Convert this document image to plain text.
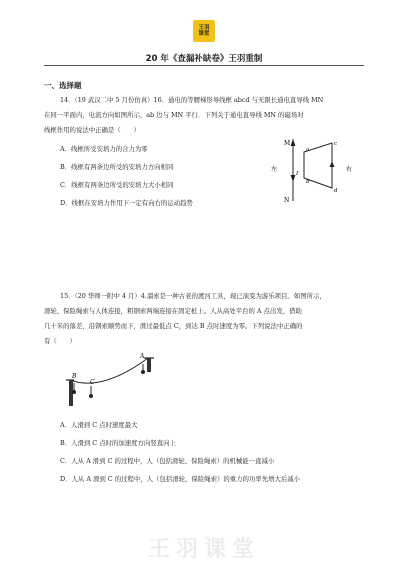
王羽
课堂
20 年《查漏补缺卷》王羽重制
一、选择题
14．（19 武汉二中 5 月份仿真）16．通电的等腰梯形导线框 abcd 与无限长通电直导线 MN
在同一平面内，电流方向如图所示，ab 边与 MN 平行．下列关于通电直导线 MN 的磁场对
线框作用的说法中正确是（　　）
A．线框所受安培力的合力为零
B．线框有两条边所受的安培力方向相同
C．线框有两条边所受的安培力大小相同
D．线框在安培力作用下一定有向右的运动趋势
M
N
I
a
b
c
d
左	右
15．（20 华师一附中 4 月）4.溜索是一种古老的渡河工具，现已演变为游乐项目。如图所示，
滑轮、保险绳索与人体连接，粗钢索两端连接在固定桩上。人从高处平台的 A 点出发，借助
几十米的落差，沿钢索顺势而下，滑过最低点 C，到达 B 点时速度为零。下列说法中正确的
有（　　）
B
C
A
A．人滑到 C 点时速度最大
B．人滑到 C 点时的加速度方向竖直向上
C．人从 A 滑到 C 的过程中，人（包括滑轮、保险绳索）的机械能一直减小
D．人从 A 滑到 C 的过程中，人（包括滑轮、保险绳索）的重力的功率先增大后减小
王羽课堂
